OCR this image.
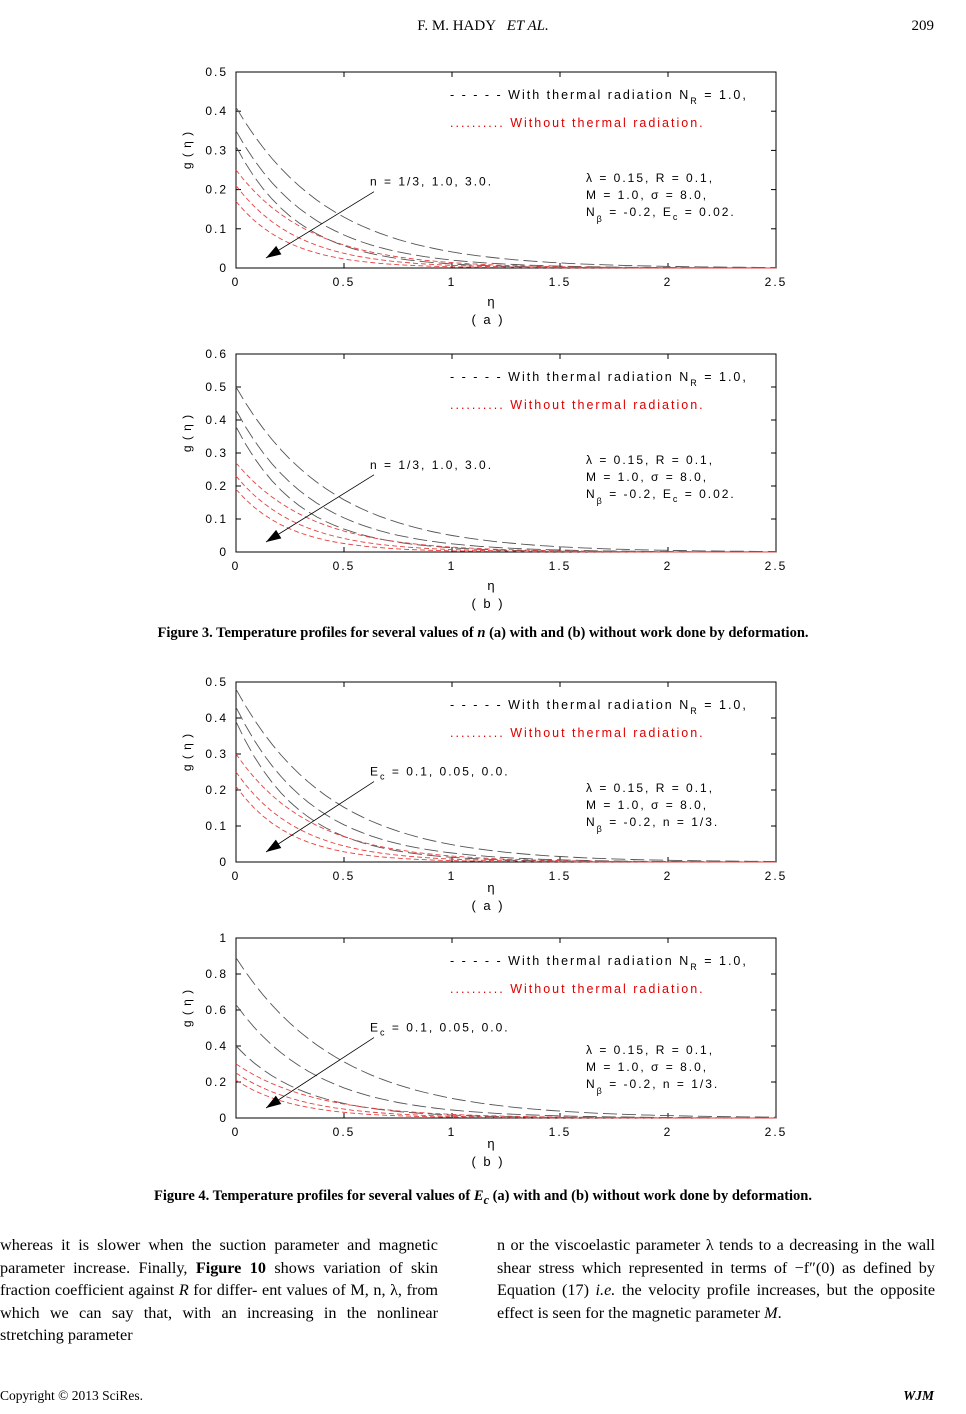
F. M. HADY ET AL.	209
0	0.5	1	1.5	2	2.5
0
0.1
0.2
0.3
0.4
0.5
η
( a )
g ( η )
- - - - - With thermal radiation $N_R = 1.0$,
.......... Without thermal radiation.
n = 1/3, 1.0, 3.0.	λ = 0.15, R = 0.1,
M = 1.0, σ = 8.0,
$N_\beta = -0.2$, $E_c = 0.02$.
0	0.5	1	1.5	2	2.5
0
0.1
0.2
0.3
0.4
0.5
0.6
η
( b )
g ( η )
- - - - - With thermal radiation $N_R = 1.0$,
.......... Without thermal radiation.
n = 1/3, 1.0, 3.0.	λ = 0.15, R = 0.1,
M = 1.0, σ = 8.0,
$N_\beta = -0.2$, $E_c = 0.02$.
Figure 3. Temperature profiles for several values of n (a) with and (b) without work done by deformation.
0	0.5	1	1.5	2	2.5
0
0.1
0.2
0.3
0.4
0.5
η
( a )
g ( η )
- - - - - With thermal radiation $N_R = 1.0$,
.......... Without thermal radiation.
$E_c = 0.1$, 0.05, 0.0.
λ = 0.15, R = 0.1,
M = 1.0, σ = 8.0,
$N_\beta = -0.2$, n = 1/3.
0	0.5	1	1.5	2	2.5
0
0.2
0.4
0.6
0.8
1
η
( b )
g ( η )
- - - - - With thermal radiation $N_R = 1.0$,
.......... Without thermal radiation.
$E_c = 0.1$, 0.05, 0.0.
λ = 0.15, R = 0.1,
M = 1.0, σ = 8.0,
$N_\beta = -0.2$, n = 1/3.
Figure 4. Temperature profiles for several values of $E_c$ (a) with and (b) without work done by deformation.
whereas it is slower when the suction parameter and magnetic parameter increase. Finally, Figure 10 shows variation of skin fraction coefficient against R for differ- ent values of M, n, λ, from which we can say that, with an increasing in the nonlinear stretching parameter
n or the viscoelastic parameter λ tends to a decreasing in the wall shear stress which represented in terms of −f″(0) as defined by Equation (17) i.e. the velocity profile increases, but the opposite effect is seen for the magnetic parameter M.
Copyright © 2013 SciRes.	WJM
